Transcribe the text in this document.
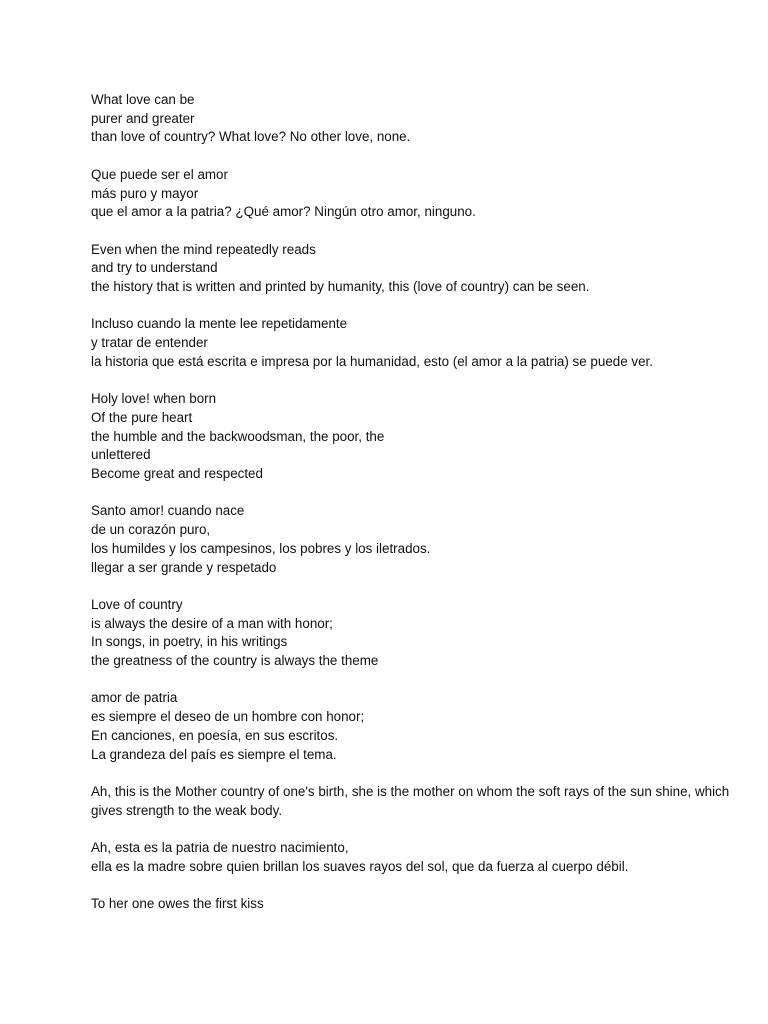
What love can be
purer and greater
than love of country? What love? No other love, none.
Que puede ser el amor
más puro y mayor
que el amor a la patria? ¿Qué amor? Ningún otro amor, ninguno.
Even when the mind repeatedly reads
and try to understand
the history that is written and printed by humanity, this (love of country) can be seen.
Incluso cuando la mente lee repetidamente
y tratar de entender
la historia que está escrita e impresa por la humanidad, esto (el amor a la patria) se puede ver.
Holy love! when born
Of the pure heart
the humble and the backwoodsman, the poor, the
unlettered
Become great and respected
Santo amor! cuando nace
de un corazón puro,
los humildes y los campesinos, los pobres y los iletrados.
llegar a ser grande y respetado
Love of country
is always the desire of a man with honor;
In songs, in poetry, in his writings
the greatness of the country is always the theme
amor de patria
es siempre el deseo de un hombre con honor;
En canciones, en poesía, en sus escritos.
La grandeza del país es siempre el tema.
Ah, this is the Mother country of one's birth, she is the mother on whom the soft rays of the sun shine, which gives strength to the weak body.
Ah, esta es la patria de nuestro nacimiento,
ella es la madre sobre quien brillan los suaves rayos del sol, que da fuerza al cuerpo débil.
To her one owes the first kiss
